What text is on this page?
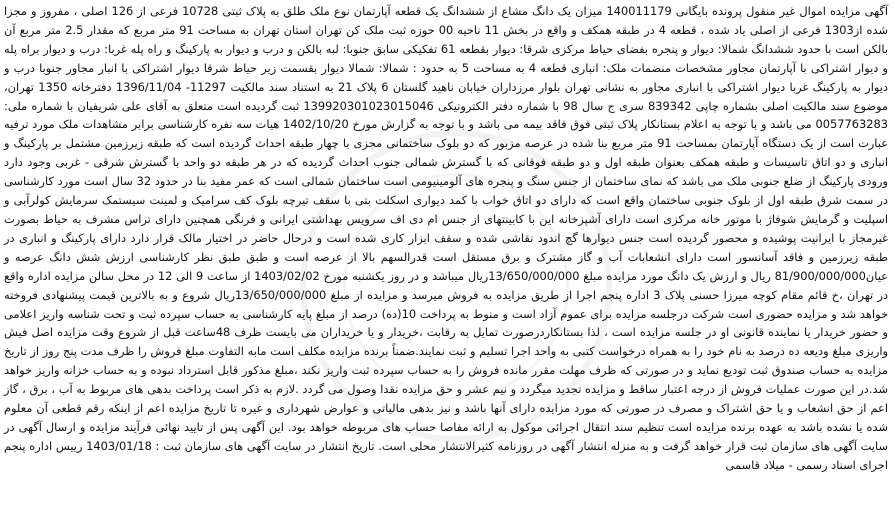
آگهی مزایده اموال غیر منقول پرونده بایگانی 140011179 میزان یک دانگ مشاع از ششدانگ یک قطعه آپارتمان نوع ملک طلق به پلاک ثبتی 10728 فرعی از 126 اصلی ، مفروز و مجزا شده از1303 فرعی از اصلی یاد شده ، قطعه 4 در طبقه همکف و واقع در بخش 11 ناحیه 00 حوزه ثبت ملک کن تهران استان تهران به مساحت 91 متر مربع که مقدار 2.5 متر مربع آن بالکن است با حدود ششدانگ شمالا: دیوار و پنجره بفضای حیاط مرکزی شرقا: دیوار بقطعه 61 تفکیکی سابق جنوبا: لبه بالکن و درب و دیوار به پارکینگ و راه پله غربا: درب و دیوار براه پله و دیوار اشتراکی با آپارتمان مجاور مشخصات منضمات ملک: انباری قطعه 4 به مساحت 5 به حدود : شمالا: شمالا دیوار بقسمت زیر حیاط شرقا دیوار اشتراکی با انبار مجاور جنوبا درب و دیوار به پارکینگ غربا دیوار اشتراکی با انباری مجاور به نشانی تهران بلوار مرزداران خیابان ناهید گلستان 6 پلاک 21 به استناد سند مالکیت 11297- 1396/11/04 دفترخانه 1350 تهران، موضوع سند مالکیت اصلی بشماره چاپی 839342 سری ج سال 98 با شماره دفتر الکترونیکی 139920301023015046 ثبت گردیده است متعلق به آقای علی شریفیان با شماره ملی: 0057763283 می باشد و با توجه به اعلام بستانکار پلاک ثبتی فوق فاقد بیمه می باشد و با توجه به گزارش مورخ 1402/10/20 هیات سه نفره کارشناسی برابر مشاهدات ملک مورد ترفیه عبارت است از یک دستگاه آپارتمان بمساحت 91 متر مربع بنا شده در عرصه مزبور که دو بلوک ساختمانی مجزی با چهار طبقه احداث گردیده است که طبقه زیرزمین مشتمل بر پارکینگ و انباری و دو اتاق تاسیسات و طبقه همکف بعنوان طبقه اول و دو طبقه فوقانی که با گسترش شمالی جنوب احداث گردیده که در هر طبقه دو واحد با گسترش شرقی - غربی وجود دارد ورودی پارکینگ از ضلع جنوبی ملک می باشد که نمای ساختمان از جنس سنگ و پنجره های آلومینیومی است ساختمان شمالی است که عمر مفید بنا در حدود 32 سال است مورد کارشناسی در سمت شرق طبقه اول از بلوک جنوبی ساختمان واقع است که دارای دو اتاق خواب با کمد دیواری اسکلت بتی با سقف تیرچه بلوک کف سرامیک و لمینت سیستمک سرمایش کولرآبی و اسپلیت و گرمایش شوفاژ با موتور خانه مرکزی است دارای آشپزخانه این با کابینتهای از جنس ام دی اف سرویس بهداشتی ایرانی و فرنگی همچنین دارای تراس مشرف به حیاط بصورت غیرمجاز با ایرانیت پوشیده و محصور گردیده است جنس دیوارها گچ اندود نقاشی شده و سقف ابزار کاری شده است و درحال حاضر در اختیار مالک قرار دارد دارای پارکینگ و انباری در طبقه زیرزمین و فاقد آسانسور است دارای انشعابات آب و گاز مشترک و برق مستقل است قدرالسهم بالا از عرصه است و طبق طبق نظر کارشناسی ارزش شش دانگ عرصه و عیان81/900/000/000 ریال و ارزش یک دانگ مورد مزایده مبلغ 13/650/000/000ریال میباشد و در روز یکشنبه مورخ 1403/02/02 از ساعت 9 الی 12 در محل سالن مزایده اداره واقع در تهران ،خ قائم مقام کوچه میرزا حسنی پلاک 3 اداره پنجم اجرا از طریق مزایده به فروش میرسد و مزایده از مبلغ 13/650/000/000ریال شروع و به بالاترین قیمت پیشنهادی فروخته خواهد شد و مزایده حضوری است شرکت درجلسه مزایده برای عموم آزاد است و منوط به پرداخت 10(ده) درصد از مبلغ پایه کارشناسی به حساب سپرده ثبت و تحت شناسه واریز اعلامی و حضور خریدار یا نماینده قانونی او در جلسه مزایده است ، لذا بستانکاردرصورت تمایل به رقابت ،خریدار و یا خریداران می بایست ظرف 48ساعت قبل از شروع وقت مزایده اصل فیش واریزی مبلغ ودیعه ده درصد به نام خود را به همراه درخواست کتبی به واحد اجرا تسلیم و ثبت نمایند.ضمناً برنده مزایده مکلف است مابه التفاوت مبلغ فروش را ظرف مدت پنج روز از تاریخ مزایده به حساب صندوق ثبت تودیع نماید و در صورتی که ظرف مهلت مقرر مانده فروش را به حساب سپرده ثبت واریز نکند ،مبلغ مذکور قابل استرداد نبوده و به حساب خزانه واریز خواهد شد.در این صورت عملیات فروش از درجه اعتبار ساقط و مزایده تجدید میگردد و نیم عشر و حق مزایده نقدا وصول می گردد .لازم به ذکر است پرداخت بدهی های مربوط به آب ، برق ، گاز اعم از حق انشعاب و یا حق اشتراک و مصرف در صورتی که مورد مزایده دارای آنها باشد و نیز بدهی مالیاتی و عوارض شهرداری و غیره تا تاریخ مزایده اعم از اینکه رقم قطعی آن معلوم شده یا نشده باشد به عهده برنده مزایده است تنظیم سند انتقال اجرائی موکول به ارائه مفاصا حساب های مربوطه خواهد بود. این آگهی پس از تایید نهائی فرآیند مزایده و ارسال آگهی در سایت آگهی های سازمان ثبت قرار خواهد گرفت و به منزله انتشار آگهی در روزنامه کثیرالانتشار محلی است. تاریخ انتشار در سایت آگهی های سازمان ثبت : 1403/01/18 رییس اداره پنجم اجرای اسناد رسمی - میلاد قاسمی
